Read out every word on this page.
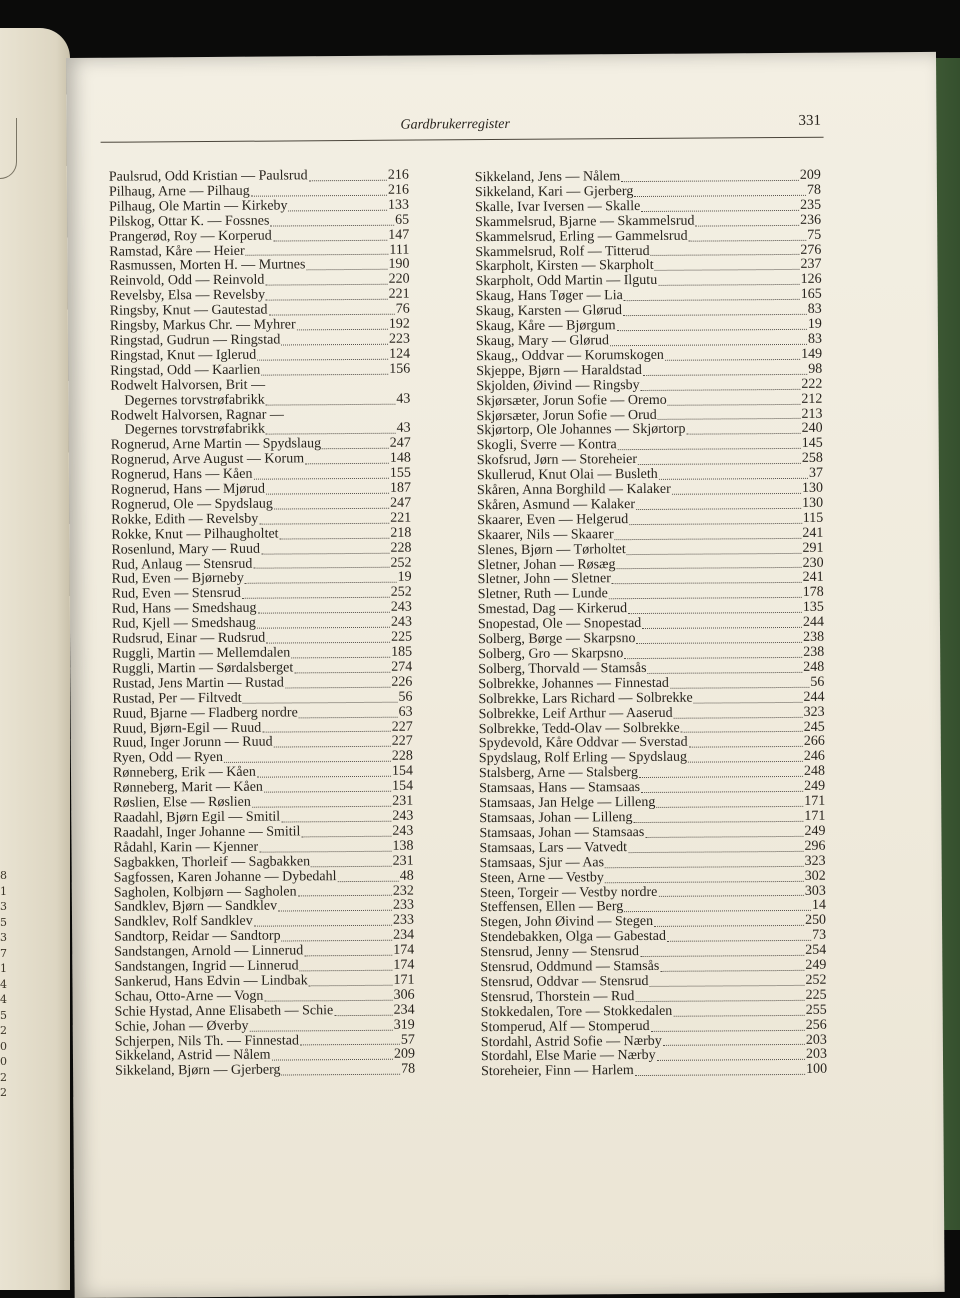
8
1
3
5
3
7
1
4
4
5
2
0
0
2
2
Gardbrukerregister	331
Paulsrud, Odd Kristian — Paulsrud	216
Pilhaug, Arne — Pilhaug	216
Pilhaug, Ole Martin — Kirkeby	133
Pilskog, Ottar K. — Fossnes	65
Prangerød, Roy — Korperud	147
Ramstad, Kåre — Heier	111
Rasmussen, Morten H. — Murtnes	190
Reinvold, Odd — Reinvold	220
Revelsby, Elsa — Revelsby	221
Ringsby, Knut — Gautestad	76
Ringsby, Markus Chr. — Myhrer	192
Ringstad, Gudrun — Ringstad	223
Ringstad, Knut — Iglerud	124
Ringstad, Odd — Kaarlien	156
Rodwelt Halvorsen, Brit —
Degernes torvstrøfabrikk	43
Rodwelt Halvorsen, Ragnar —
Degernes torvstrøfabrikk	43
Rognerud, Arne Martin — Spydslaug	247
Rognerud, Arve August — Korum	148
Rognerud, Hans — Kåen	155
Rognerud, Hans — Mjørud	187
Rognerud, Ole — Spydslaug	247
Rokke, Edith — Revelsby	221
Rokke, Knut — Pilhaugholtet	218
Rosenlund, Mary — Ruud	228
Rud, Anlaug — Stensrud	252
Rud, Even — Bjørneby	19
Rud, Even — Stensrud	252
Rud, Hans — Smedshaug	243
Rud, Kjell — Smedshaug	243
Rudsrud, Einar — Rudsrud	225
Ruggli, Martin — Mellemdalen	185
Ruggli, Martin — Sørdalsberget	274
Rustad, Jens Martin — Rustad	226
Rustad, Per — Filtvedt	56
Ruud, Bjarne — Fladberg nordre	63
Ruud, Bjørn-Egil — Ruud	227
Ruud, Inger Jorunn — Ruud	227
Ryen, Odd — Ryen	228
Rønneberg, Erik — Kåen	154
Rønneberg, Marit — Kåen	154
Røslien, Else — Røslien	231
Raadahl, Bjørn Egil — Smitil	243
Raadahl, Inger Johanne — Smitil	243
Rådahl, Karin — Kjenner	138
Sagbakken, Thorleif — Sagbakken	231
Sagfossen, Karen Johanne — Dybedahl	48
Sagholen, Kolbjørn — Sagholen	232
Sandklev, Bjørn — Sandklev	233
Sandklev, Rolf Sandklev	233
Sandtorp, Reidar — Sandtorp	234
Sandstangen, Arnold — Linnerud	174
Sandstangen, Ingrid — Linnerud	174
Sankerud, Hans Edvin — Lindbak	171
Schau, Otto-Arne — Vogn	306
Schie Hystad, Anne Elisabeth — Schie	234
Schie, Johan — Øverby	319
Schjerpen, Nils Th. — Finnestad	57
Sikkeland, Astrid — Nålem	209
Sikkeland, Bjørn — Gjerberg	78
Sikkeland, Jens — Nålem	209
Sikkeland, Kari — Gjerberg	78
Skalle, Ivar Iversen — Skalle	235
Skammelsrud, Bjarne — Skammelsrud	236
Skammelsrud, Erling — Gammelsrud	75
Skammelsrud, Rolf — Titterud	276
Skarpholt, Kirsten — Skarpholt	237
Skarpholt, Odd Martin — Ilgutu	126
Skaug, Hans Tøger — Lia	165
Skaug, Karsten — Glørud	83
Skaug, Kåre — Bjørgum	19
Skaug, Mary — Glørud	83
Skaug,, Oddvar — Korumskogen	149
Skjeppe, Bjørn — Haraldstad	98
Skjolden, Øivind — Ringsby	222
Skjørsæter, Jorun Sofie — Oremo	212
Skjørsæter, Jorun Sofie — Orud	213
Skjørtorp, Ole Johannes — Skjørtorp	240
Skogli, Sverre — Kontra	145
Skofsrud, Jørn — Storeheier	258
Skullerud, Knut Olai — Busleth	37
Skåren, Anna Borghild — Kalaker	130
Skåren, Asmund — Kalaker	130
Skaarer, Even — Helgerud	115
Skaarer, Nils — Skaarer	241
Slenes, Bjørn — Tørholtet	291
Sletner, Johan — Røsæg	230
Sletner, John — Sletner	241
Sletner, Ruth — Lunde	178
Smestad, Dag — Kirkerud	135
Snopestad, Ole — Snopestad	244
Solberg, Børge — Skarpsno	238
Solberg, Gro — Skarpsno	238
Solberg, Thorvald — Stamsås	248
Solbrekke, Johannes — Finnestad	56
Solbrekke, Lars Richard — Solbrekke	244
Solbrekke, Leif Arthur — Aaserud	323
Solbrekke, Tedd-Olav — Solbrekke	245
Spydevold, Kåre Oddvar — Sverstad	266
Spydslaug, Rolf Erling — Spydslaug	246
Stalsberg, Arne — Stalsberg	248
Stamsaas, Hans — Stamsaas	249
Stamsaas, Jan Helge — Lilleng	171
Stamsaas, Johan — Lilleng	171
Stamsaas, Johan — Stamsaas	249
Stamsaas, Lars — Vatvedt	296
Stamsaas, Sjur — Aas	323
Steen, Arne — Vestby	302
Steen, Torgeir — Vestby nordre	303
Steffensen, Ellen — Berg	14
Stegen, John Øivind — Stegen	250
Stendebakken, Olga — Gabestad	73
Stensrud, Jenny — Stensrud	254
Stensrud, Oddmund — Stamsås	249
Stensrud, Oddvar — Stensrud	252
Stensrud, Thorstein — Rud	225
Stokkedalen, Tore — Stokkedalen	255
Stomperud, Alf — Stomperud	256
Stordahl, Astrid Sofie — Nærby	203
Stordahl, Else Marie — Nærby	203
Storeheier, Finn — Harlem	100
